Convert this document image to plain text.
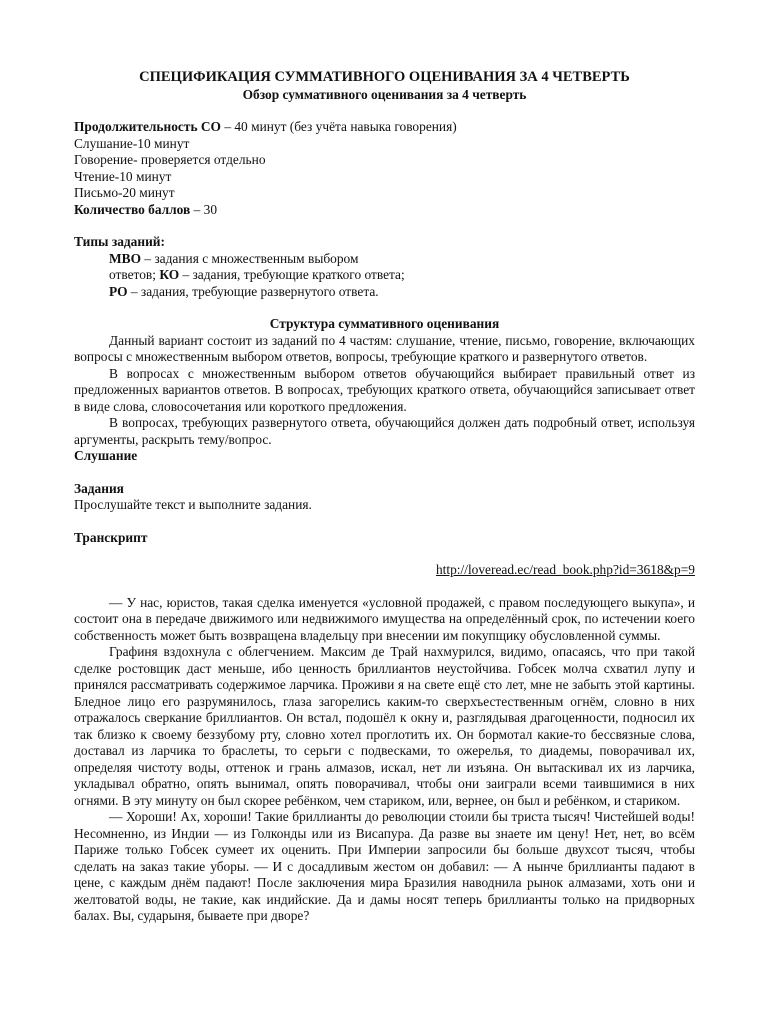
СПЕЦИФИКАЦИЯ СУММАТИВНОГО ОЦЕНИВАНИЯ ЗА 4 ЧЕТВЕРТЬ

Обзор суммативного оценивания за 4 четверть

Продолжительность СО – 40 минут (без учёта навыка говорения)

Слушание-10 минут

Говорение- проверяется отдельно

Чтение-10 минут

Письмо-20 минут

Количество баллов – 30

Типы заданий:

МВО – задания с множественным выбором

ответов; КО – задания, требующие краткого ответа;

РО – задания, требующие развернутого ответа.

Структура суммативного оценивания

Данный вариант состоит из заданий по 4 частям: слушание, чтение, письмо, говорение, включающих вопросы с множественным выбором ответов, вопросы, требующие краткого и развернутого ответов.

В вопросах с множественным выбором ответов обучающийся выбирает правильный ответ из предложенных вариантов ответов. В вопросах, требующих краткого ответа, обучающийся записывает ответ в виде слова, словосочетания или короткого предложения.

В вопросах, требующих развернутого ответа, обучающийся должен дать подробный ответ, используя аргументы, раскрыть тему/вопрос.

Слушание
Задания

Прослушайте текст и выполните задания.

Транскрипт

http://loveread.ec/read_book.php?id=3618&p=9

— У нас, юристов, такая сделка именуется «условной продажей, с правом последующего выкупа», и состоит она в передаче движимого или недвижимого имущества на определённый срок, по истечении коего собственность может быть возвращена владельцу при внесении им покупщику обусловленной суммы.

Графиня вздохнула с облегчением. Максим де Трай нахмурился, видимо, опасаясь, что при такой сделке ростовщик даст меньше, ибо ценность бриллиантов неустойчива. Гобсек молча схватил лупу и принялся рассматривать содержимое ларчика. Проживи я на свете ещё сто лет, мне не забыть этой картины. Бледное лицо его разрумянилось, глаза загорелись каким-то сверхъестественным огнём, словно в них отражалось сверкание бриллиантов. Он встал, подошёл к окну и, разглядывая драгоценности, подносил их так близко к своему беззубому рту, словно хотел проглотить их. Он бормотал какие-то бессвязные слова, доставал из ларчика то браслеты, то серьги с подвесками, то ожерелья, то диадемы, поворачивал их, определяя чистоту воды, оттенок и грань алмазов, искал, нет ли изъяна. Он вытаскивал их из ларчика, укладывал обратно, опять вынимал, опять поворачивал, чтобы они заиграли всеми таившимися в них огнями. В эту минуту он был скорее ребёнком, чем стариком, или, вернее, он был и ребёнком, и стариком.

— Хороши! Ах, хороши! Такие бриллианты до революции стоили бы триста тысяч! Чистейшей воды! Несомненно, из Индии — из Голконды или из Висапура. Да разве вы знаете им цену! Нет, нет, во всём Париже только Гобсек сумеет их оценить. При Империи запросили бы больше двухсот тысяч, чтобы сделать на заказ такие уборы. — И с досадливым жестом он добавил: — А нынче бриллианты падают в цене, с каждым днём падают! После заключения мира Бразилия наводнила рынок алмазами, хоть они и желтоватой воды, не такие, как индийские. Да и дамы носят теперь бриллианты только на придворных балах. Вы, сударыня, бываете при дворе?
